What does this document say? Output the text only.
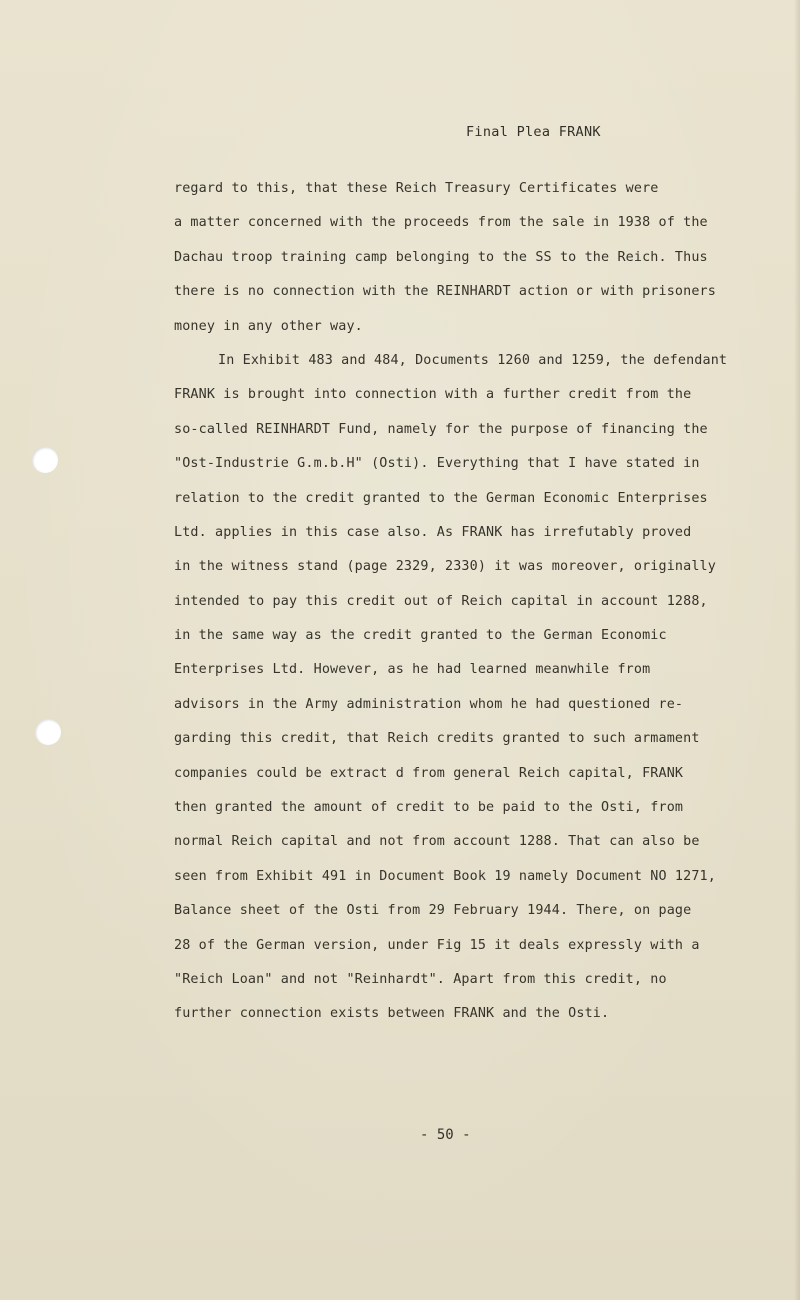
Final Plea FRANK
regard to this, that these Reich Treasury Certificates were
a matter concerned with the proceeds from the sale in 1938 of the
Dachau troop training camp belonging to the SS to the Reich. Thus
there is no connection with the REINHARDT action or with prisoners
money in any other way.
In Exhibit 483 and 484, Documents 1260 and 1259, the defendant
FRANK is brought into connection with a further credit from the
so-called REINHARDT Fund, namely for the purpose of financing the
"Ost-Industrie G.m.b.H" (Osti). Everything that I have stated in
relation to the credit granted to the German Economic Enterprises
Ltd. applies in this case also. As FRANK has irrefutably proved
in the witness stand (page 2329, 2330) it was moreover, originally
intended to pay this credit out of Reich capital in account 1288,
in the same way as the credit granted to the German Economic
Enterprises Ltd. However, as he had learned meanwhile from
advisors in the Army administration whom he had questioned re-
garding this credit, that Reich credits granted to such armament
companies could be extract d from general Reich capital, FRANK
then granted the amount of credit to be paid to the Osti, from
normal Reich capital and not from account 1288. That can also be
seen from Exhibit 491 in Document Book 19 namely Document NO 1271,
Balance sheet of the Osti from 29 February 1944. There, on page
28 of the German version, under Fig 15 it deals expressly with a
"Reich Loan" and not "Reinhardt". Apart from this credit, no
further connection exists between FRANK and the Osti.
- 50 -
